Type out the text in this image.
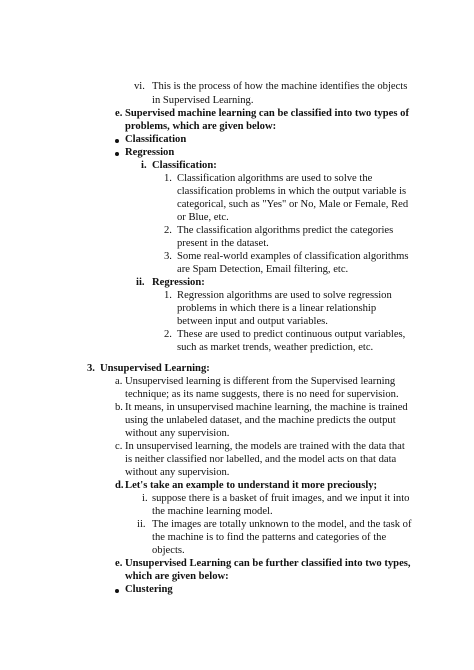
vi. This is the process of how the machine identifies the objects
in Supervised Learning.
e. Supervised machine learning can be classified into two types of
problems, which are given below:
Classification
Regression
i. Classification:
1. Classification algorithms are used to solve the
classification problems in which the output variable is
categorical, such as "Yes" or No, Male or Female, Red
or Blue, etc.
2. The classification algorithms predict the categories
present in the dataset.
3. Some real-world examples of classification algorithms
are Spam Detection, Email filtering, etc.
ii. Regression:
1. Regression algorithms are used to solve regression
problems in which there is a linear relationship
between input and output variables.
2. These are used to predict continuous output variables,
such as market trends, weather prediction, etc.
3. Unsupervised Learning:
a. Unsupervised learning is different from the Supervised learning
technique; as its name suggests, there is no need for supervision.
b. It means, in unsupervised machine learning, the machine is trained
using the unlabeled dataset, and the machine predicts the output
without any supervision.
c. In unsupervised learning, the models are trained with the data that
is neither classified nor labelled, and the model acts on that data
without any supervision.
d. Let's take an example to understand it more preciously;
i. suppose there is a basket of fruit images, and we input it into
the machine learning model.
ii. The images are totally unknown to the model, and the task of
the machine is to find the patterns and categories of the
objects.
e. Unsupervised Learning can be further classified into two types,
which are given below:
Clustering
